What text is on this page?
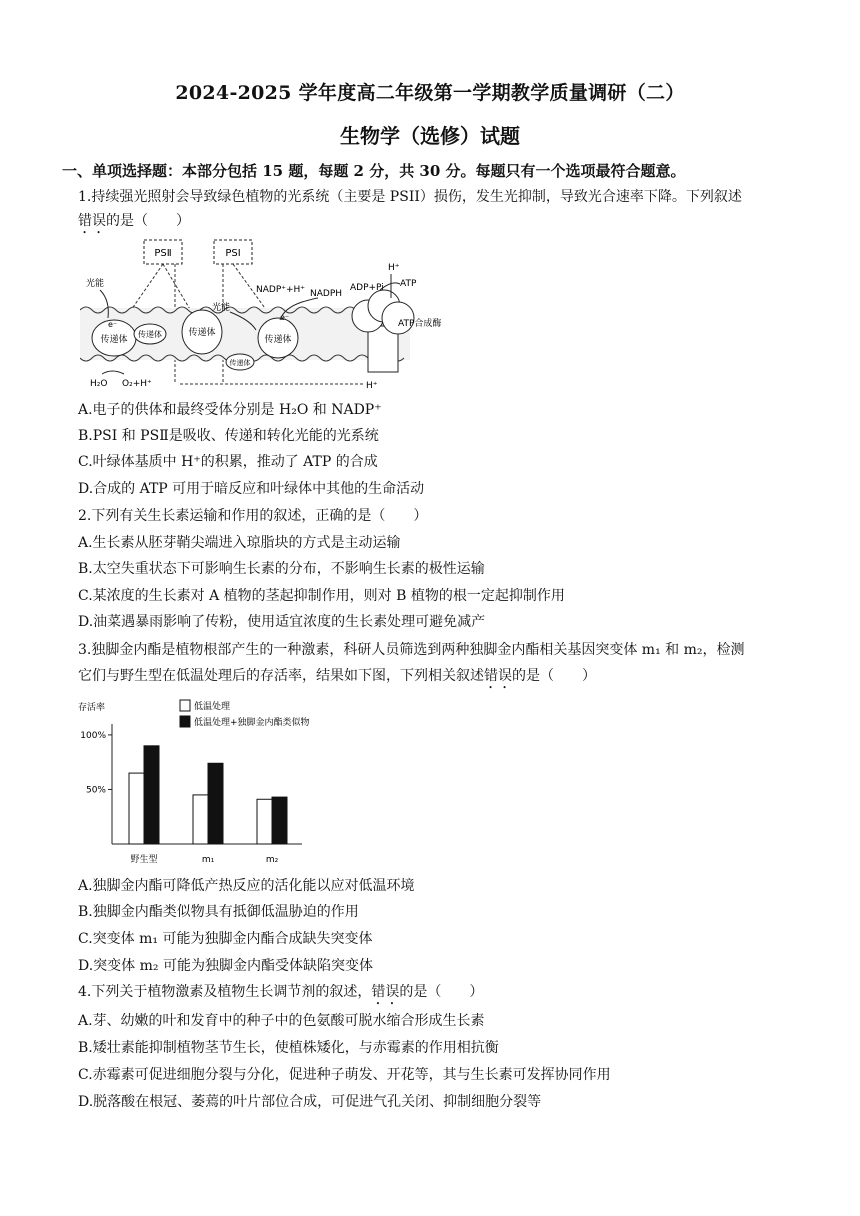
2024-2025 学年度高二年级第一学期教学质量调研（二）
生物学（选修）试题
一、单项选择题：本部分包括 15 题，每题 2 分，共 30 分。每题只有一个选项最符合题意。
1.持续强光照射会导致绿色植物的光系统（主要是 PSII）损伤，发生光抑制，导致光合速率下降。下列叙述
错误的是（　　）
PSⅡ	PSⅠ
传递体
传递体	传递体
传递体
传递体
ATP合成酶
光能
光能
e⁻
e⁻
NADP⁺+H⁺ NADPH
ADP+Pi ATP
H⁺
H₂O O₂+H⁺	H⁺
A.电子的供体和最终受体分别是 H₂O 和 NADP⁺
B.PSI 和 PSⅡ是吸收、传递和转化光能的光系统
C.叶绿体基质中 H⁺的积累，推动了 ATP 的合成
D.合成的 ATP 可用于暗反应和叶绿体中其他的生命活动
2.下列有关生长素运输和作用的叙述，正确的是（　　）
A.生长素从胚芽鞘尖端进入琼脂块的方式是主动运输
B.太空失重状态下可影响生长素的分布，不影响生长素的极性运输
C.某浓度的生长素对 A 植物的茎起抑制作用，则对 B 植物的根一定起抑制作用
D.油菜遇暴雨影响了传粉，使用适宜浓度的生长素处理可避免减产
3.独脚金内酯是植物根部产生的一种激素，科研人员筛选到两种独脚金内酯相关基因突变体 m₁ 和 m₂，检测
它们与野生型在低温处理后的存活率，结果如下图，下列相关叙述错误的是（　　）
存活率	低温处理
低温处理+独脚金内酯类似物
100%
50%
野生型	m₁	m₂
A.独脚金内酯可降低产热反应的活化能以应对低温环境
B.独脚金内酯类似物具有抵御低温胁迫的作用
C.突变体 m₁ 可能为独脚金内酯合成缺失突变体
D.突变体 m₂ 可能为独脚金内酯受体缺陷突变体
4.下列关于植物激素及植物生长调节剂的叙述，错误的是（　　）
A.芽、幼嫩的叶和发育中的种子中的色氨酸可脱水缩合形成生长素
B.矮壮素能抑制植物茎节生长，使植株矮化，与赤霉素的作用相抗衡
C.赤霉素可促进细胞分裂与分化，促进种子萌发、开花等，其与生长素可发挥协同作用
D.脱落酸在根冠、萎蔫的叶片部位合成，可促进气孔关闭、抑制细胞分裂等
